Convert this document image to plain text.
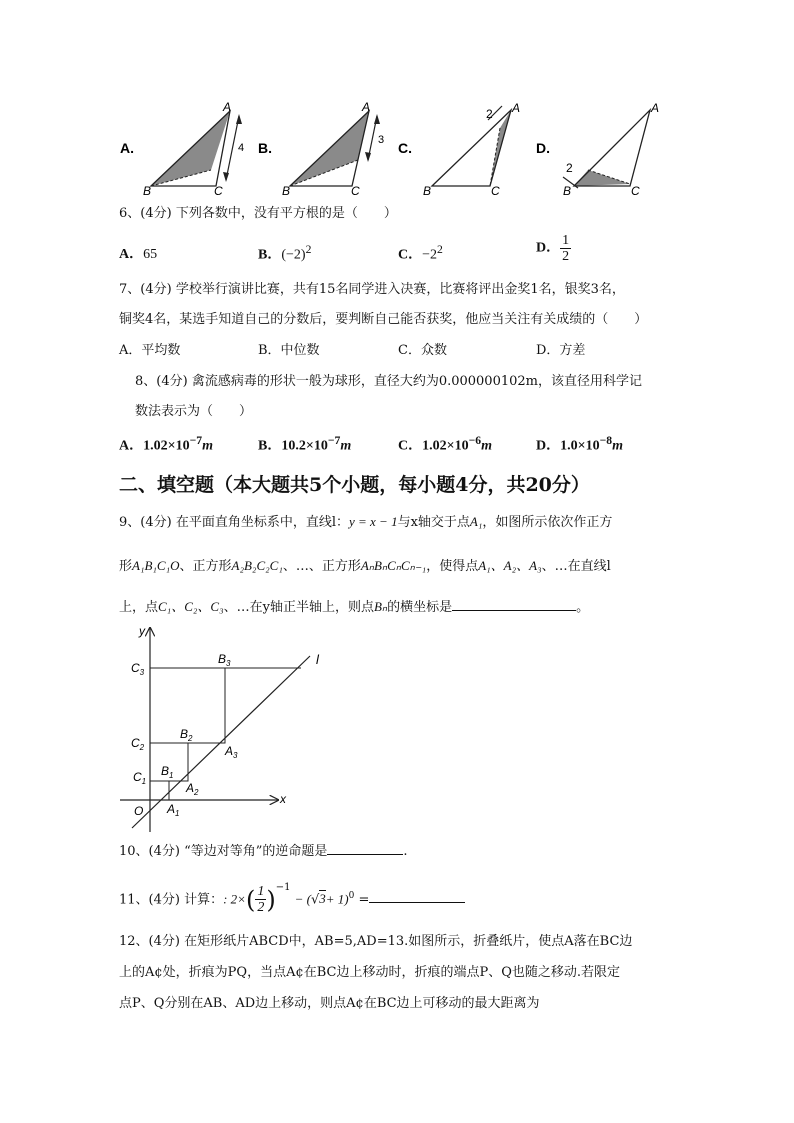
A.	4
A
B	C
B.	3
A
B	C
C.
2 A
B	C
D.
2
A
B	C
6、(4分) 下列各数中，没有平方根的是（　　）
A．65	B．$(-2)^2$	C．$-2^2$	D． $\frac{1}{2}$
7、(4分) 学校举行演讲比赛，共有15名同学进入决赛，比赛将评出金奖1名，银奖3名，
铜奖4名，某选手知道自己的分数后，要判断自己能否获奖，他应当关注有关成绩的（　　）
A．平均数	B．中位数	C．众数	D．方差
8、(4分) 禽流感病毒的形状一般为球形，直径大约为0.000000102m，该直径用科学记
数法表示为（　　）
A．$1.02\times 10^{-7}m$	B．$10.2\times 10^{-7}m$	C．$1.02\times 10^{-6}m$	D．$1.0\times 10^{-8}m$
二、填空题（本大题共5个小题，每小题4分，共20分）
9、(4分) 在平面直角坐标系中，直线l：y = x − 1与x轴交于点A₁，如图所示依次作正方
形A₁B₁C₁O、正方形A₂B₂C₂C₁、…、正方形AₙBₙCₙCₙ₋₁，使得点A₁、A₂、A₃、…在直线l
上，点C₁、C₂、C₃、…在y轴正半轴上，则点Bₙ的横坐标是	。
y
x
O
l
$C_1$
$C_2$
$C_3$
$B_1$
$B_2$
$B_3$
$A_1$
$A_2$
$A_3$
10、(4分) “等边对等角”的逆命题是	.
11、(4分) 计算：: $2\times( \frac{1}{2} )^{-1} - (√3+ 1)^0$ =
12、(4分) 在矩形纸片ABCD中，AB=5,AD=13.如图所示，折叠纸片，使点A落在BC边
上的A¢处，折痕为PQ，当点A¢在BC边上移动时，折痕的端点P、Q也随之移动.若限定
点P、Q分别在AB、AD边上移动，则点A¢在BC边上可移动的最大距离为
